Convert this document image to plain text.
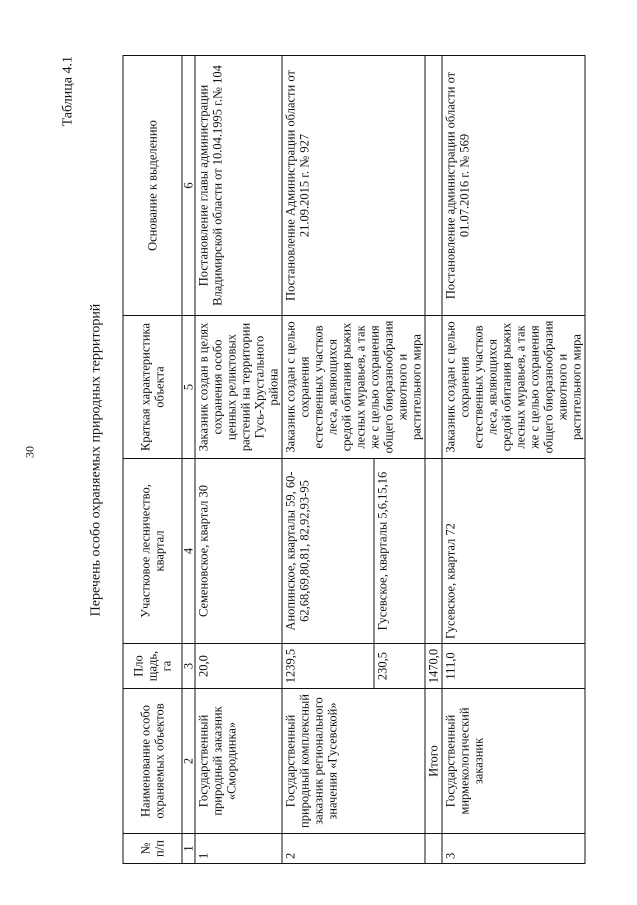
30
Таблица 4.1
Перечень особо охраняемых природных территорий
№ п/п	Наименование особо охраняемых объектов	Пло щадь, га	Участковое лесничество, квартал	Краткая характеристика объекта	Основание к выделению
1	2	3	4	5	6
1	Государственный природный заказник «Смородинка»	20,0	Семеновское, квартал 30	Заказник создан в целях сохранения особо ценных реликтовых растений на территории Гусь-Хрустального района	Постановление главы администрации Владимирской области от 10.04.1995 г.№ 104
2	Государственный природный комплексный заказник регионального значения «Гусевской»	1239,5	Анопинское, кварталы 59, 60-62,68,69,80,81, 82,92,93-95	Заказник создан с целью сохранения естественных участков леса, являющихся средой обитания рыжих лесных муравьев, а так же с целью сохранения общего биоразнообразия животного и растительного мира	Постановление Администрации области от 21.09.2015 г. № 927
		230,5	Гусевское, кварталы 5,6,15,16		
	Итого	1470,0			
3	Государственный мирмекологический заказник	111,0	Гусевское, квартал 72	Заказник создан с целью сохранения естественных участков леса, являющихся средой обитания рыжих лесных муравьев, а так же с целью сохранения общего биоразнообразия животного и растительного мира	Постановление администрации области от 01.07.2016 г. № 569
